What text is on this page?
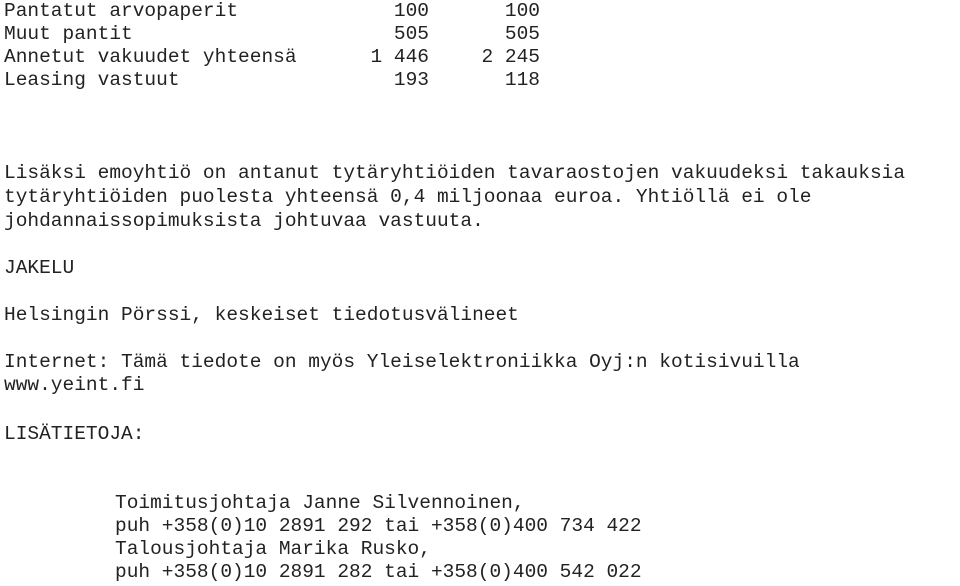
Pantatut arvopaperit	100	100
Muut pantit	505	505
Annetut vakuudet yhteensä	1 446	2 245
Leasing vastuut	193	118
Lisäksi emoyhtiö on antanut tytäryhtiöiden tavaraostojen vakuudeksi takauksia
tytäryhtiöiden puolesta yhteensä 0,4 miljoonaa euroa. Yhtiöllä ei ole
johdannaissopimuksista johtuvaa vastuuta.
JAKELU
Helsingin Pörssi, keskeiset tiedotusvälineet
Internet: Tämä tiedote on myös Yleiselektroniikka Oyj:n kotisivuilla
www.yeint.fi
LISÄTIETOJA:
Toimitusjohtaja Janne Silvennoinen,
puh +358(0)10 2891 292 tai +358(0)400 734 422
Talousjohtaja Marika Rusko,
puh +358(0)10 2891 282 tai +358(0)400 542 022
